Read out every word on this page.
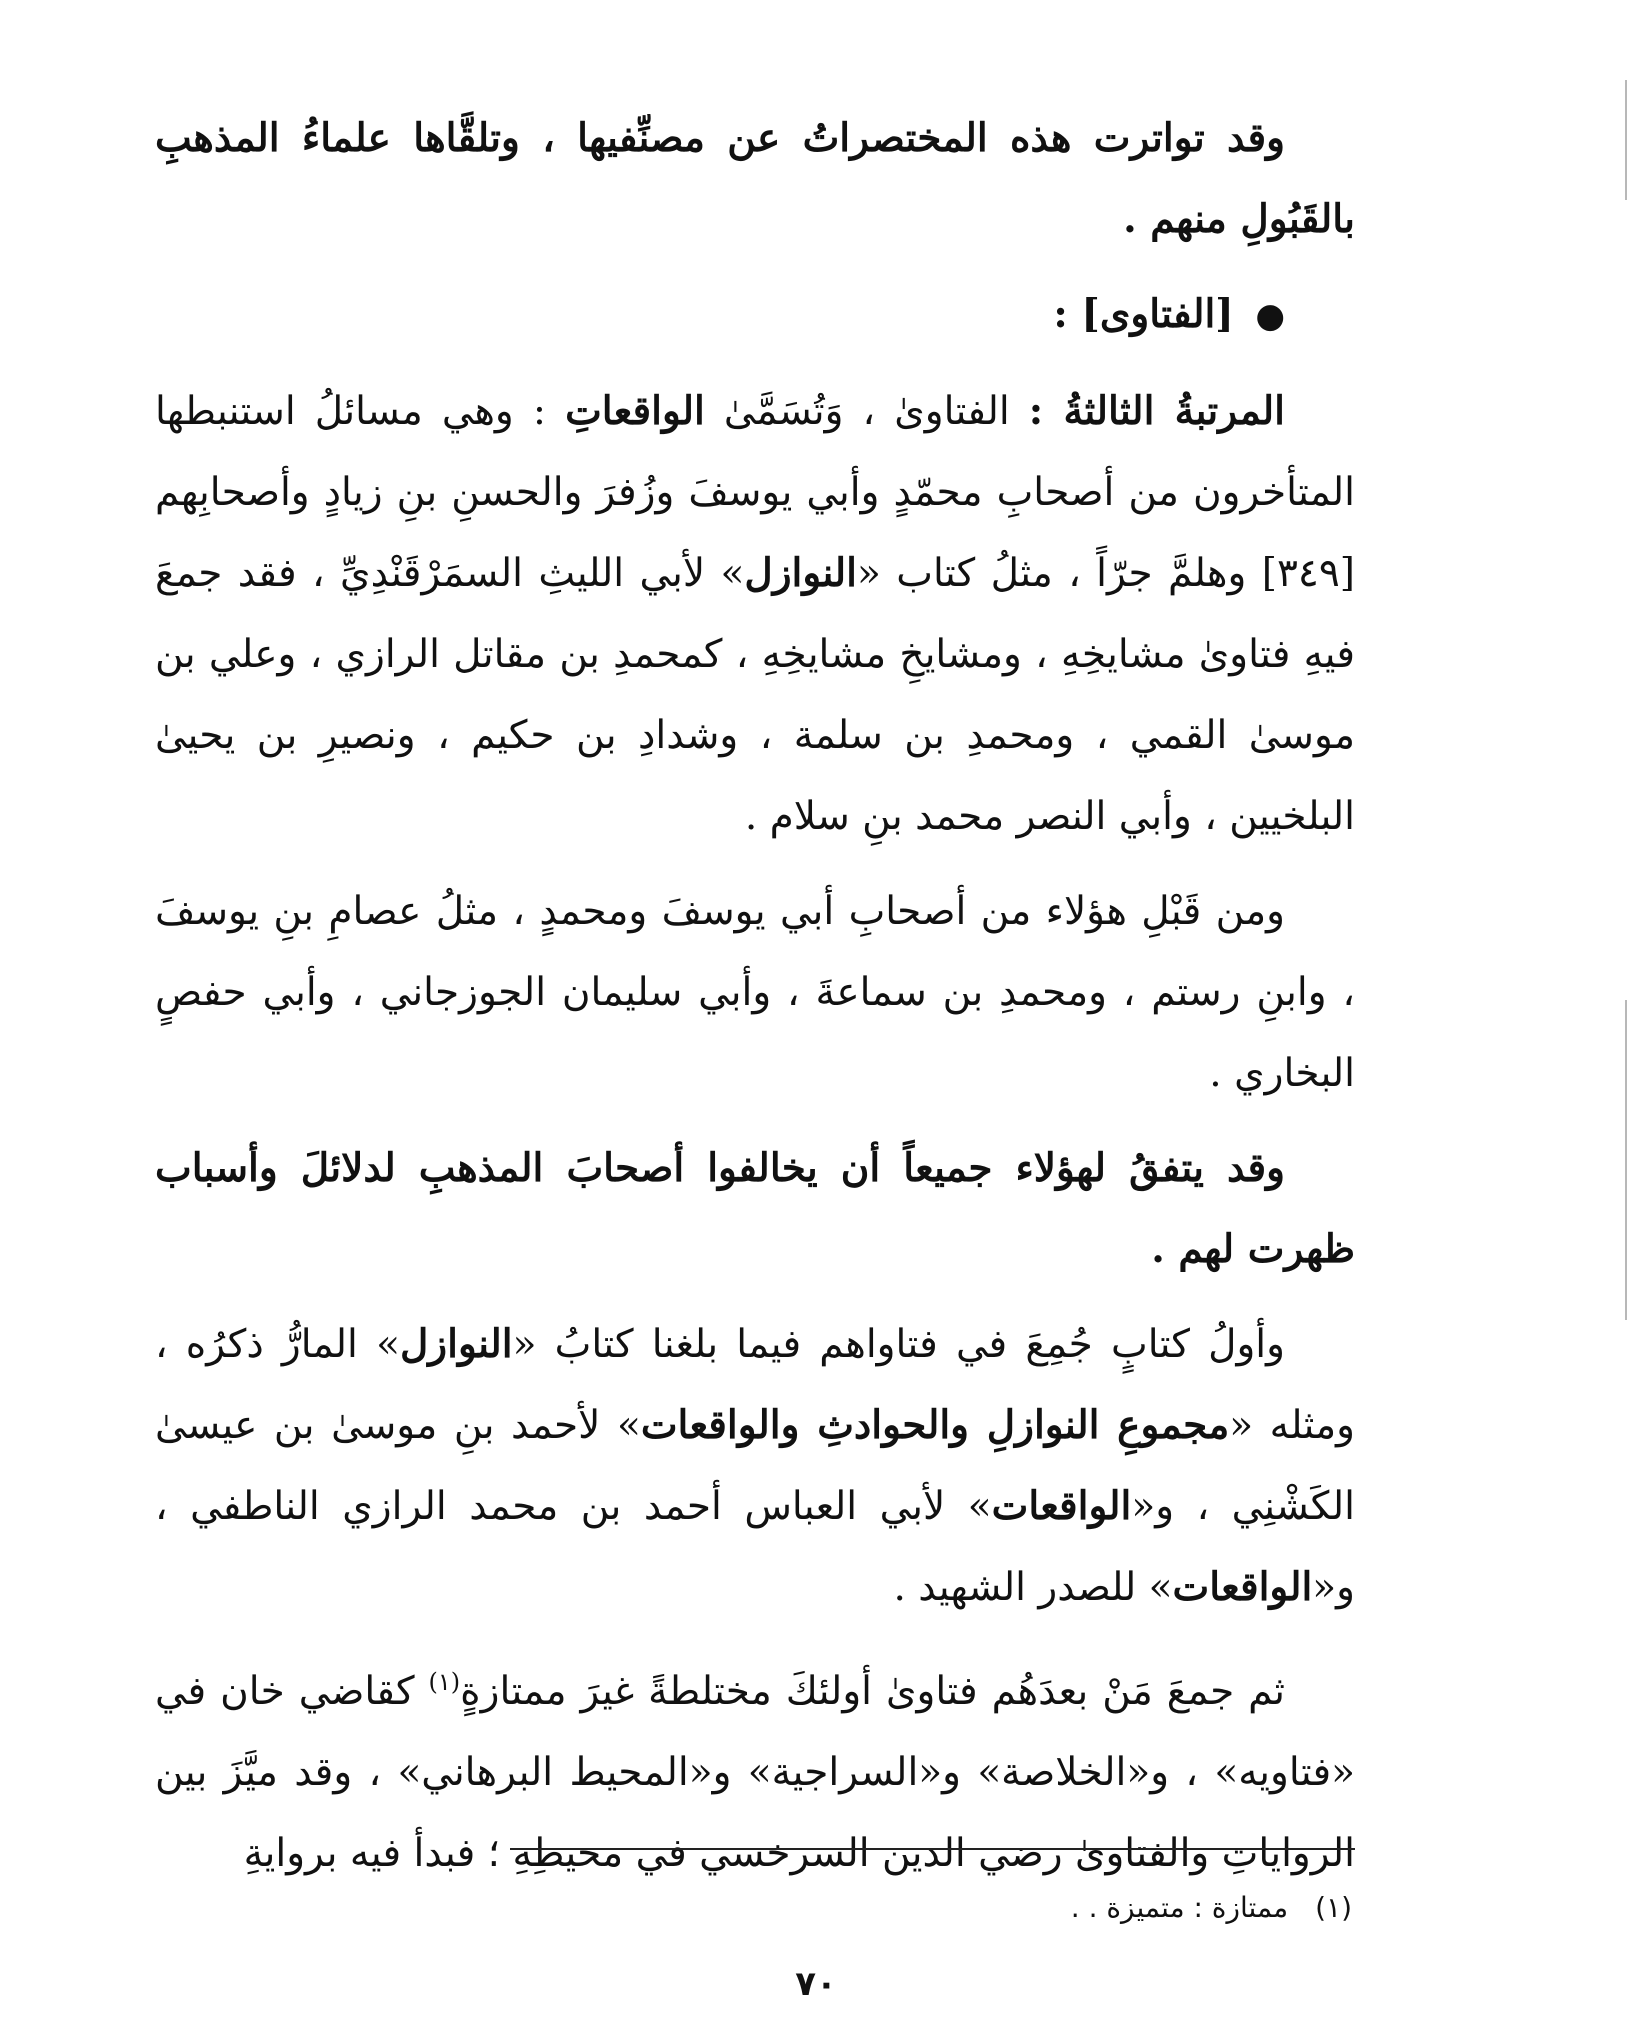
وقد تواترت هذه المختصراتُ عن مصنِّفيها ، وتلقَّاها علماءُ المذهبِ بالقَبُولِ منهم .

● [الفتاوى] :

المرتبةُ الثالثةُ : الفتاوىٰ ، وَتُسَمَّىٰ الواقعاتِ : وهي مسائلُ استنبطها المتأخرون من أصحابِ محمّدٍ وأبي يوسفَ وزُفرَ والحسنِ بنِ زيادٍ وأصحابِهم [٣٤٩] وهلمَّ جرّاً ، مثلُ كتاب «النوازل» لأبي الليثِ السمَرْقَنْدِيِّ ، فقد جمعَ فيهِ فتاوىٰ مشايخِهِ ، ومشايخِ مشايخِهِ ، كمحمدِ بن مقاتل الرازي ، وعلي بن موسىٰ القمي ، ومحمدِ بن سلمة ، وشدادِ بن حكيم ، ونصيرِ بن يحيىٰ البلخيين ، وأبي النصر محمد بنِ سلام .

ومن قَبْلِ هؤلاء من أصحابِ أبي يوسفَ ومحمدٍ ، مثلُ عصامِ بنِ يوسفَ ، وابنِ رستم ، ومحمدِ بن سماعةَ ، وأبي سليمان الجوزجاني ، وأبي حفصٍ البخاري .

وقد يتفقُ لهؤلاء جميعاً أن يخالفوا أصحابَ المذهبِ لدلائلَ وأسباب ظهرت لهم .

وأولُ كتابٍ جُمِعَ في فتاواهم فيما بلغنا كتابُ «النوازل» المارُّ ذكرُه ، ومثله «مجموعِ النوازلِ والحوادثِ والواقعات» لأحمد بنِ موسىٰ بن عيسىٰ الكَشْنِي ، و«الواقعات» لأبي العباس أحمد بن محمد الرازي الناطفي ، و«الواقعات» للصدر الشهيد .

ثم جمعَ مَنْ بعدَهُم فتاوىٰ أولئكَ مختلطةً غيرَ ممتازةٍ$^{(١)}$ كقاضي خان في «فتاويه» ، و«الخلاصة» و«السراجية» و«المحيط البرهاني» ، وقد ميَّزَ بين الرواياتِ والفتاوىٰ رضي الدين السرخسي في محيطِهِ ؛ فبدأ فيه بروايةِ

(١) ممتازة : متميزة . .
٧٠
